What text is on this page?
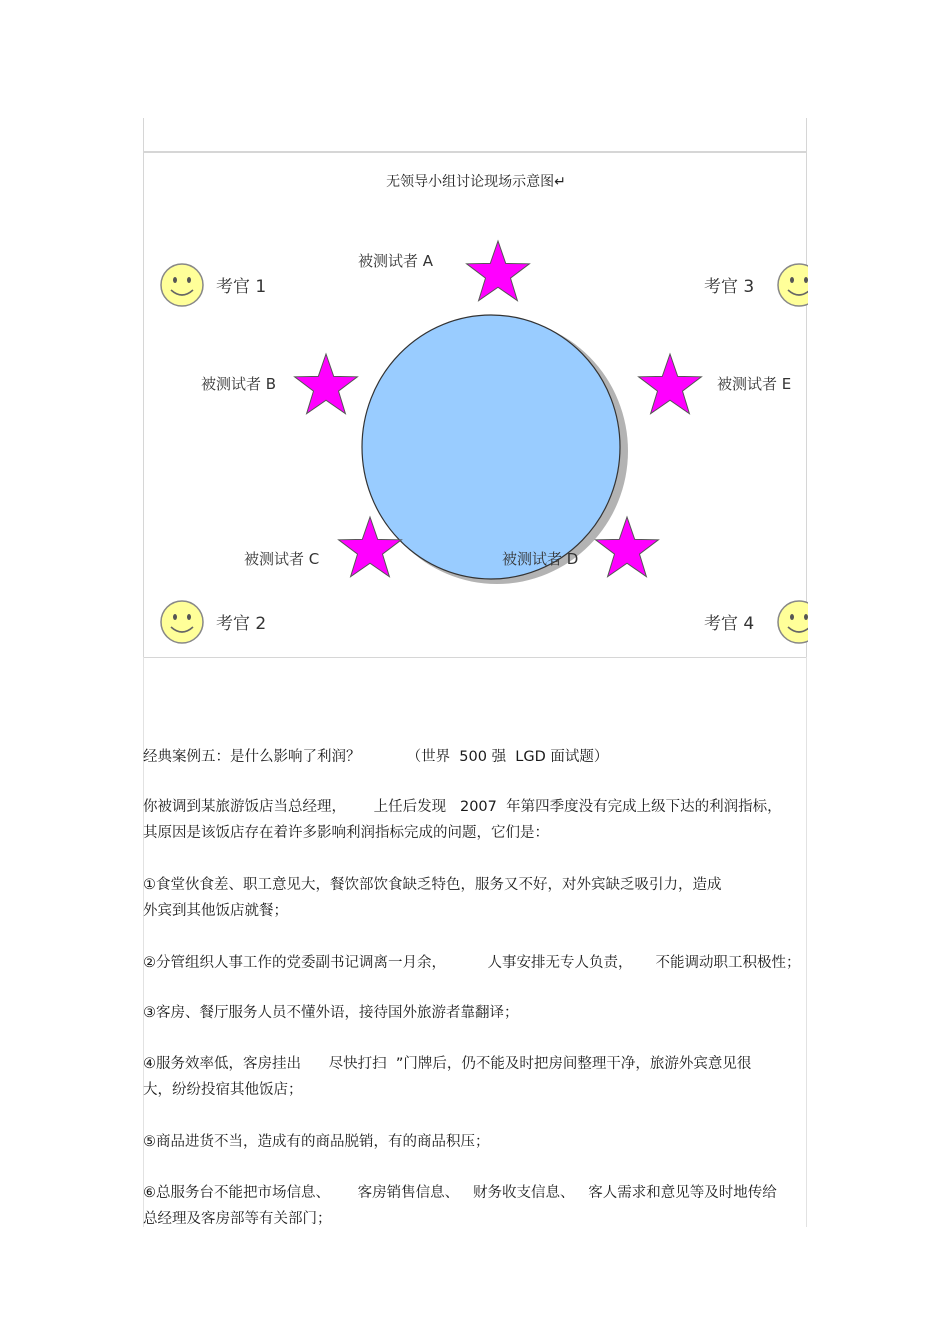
无领导小组讨论现场示意图↵
考官 1
考官 2
考官 3
考官 4
被测试者 A
被测试者 B	被测试者 E
被测试者 C	被测试者 D
经典案例五：是什么影响了利润？          （世界  500 强  LGD 面试题）
你被调到某旅游饭店当总经理，      上任后发现   2007  年第四季度没有完成上级下达的利润指标，
其原因是该饭店存在着许多影响利润指标完成的问题，它们是：
①食堂伙食差、职工意见大，餐饮部饮食缺乏特色，服务又不好，对外宾缺乏吸引力，造成
外宾到其他饭店就餐；
②分管组织人事工作的党委副书记调离一月余，         人事安排无专人负责，     不能调动职工积极性；
③客房、餐厅服务人员不懂外语，接待国外旅游者靠翻译；
④服务效率低，客房挂出      尽快打扫  ”门牌后，仍不能及时把房间整理干净，旅游外宾意见很
大，纷纷投宿其他饭店；
⑤商品进货不当，造成有的商品脱销，有的商品积压；
⑥总服务台不能把市场信息、      客房销售信息、   财务收支信息、   客人需求和意见等及时地传给
总经理及客房部等有关部门；
